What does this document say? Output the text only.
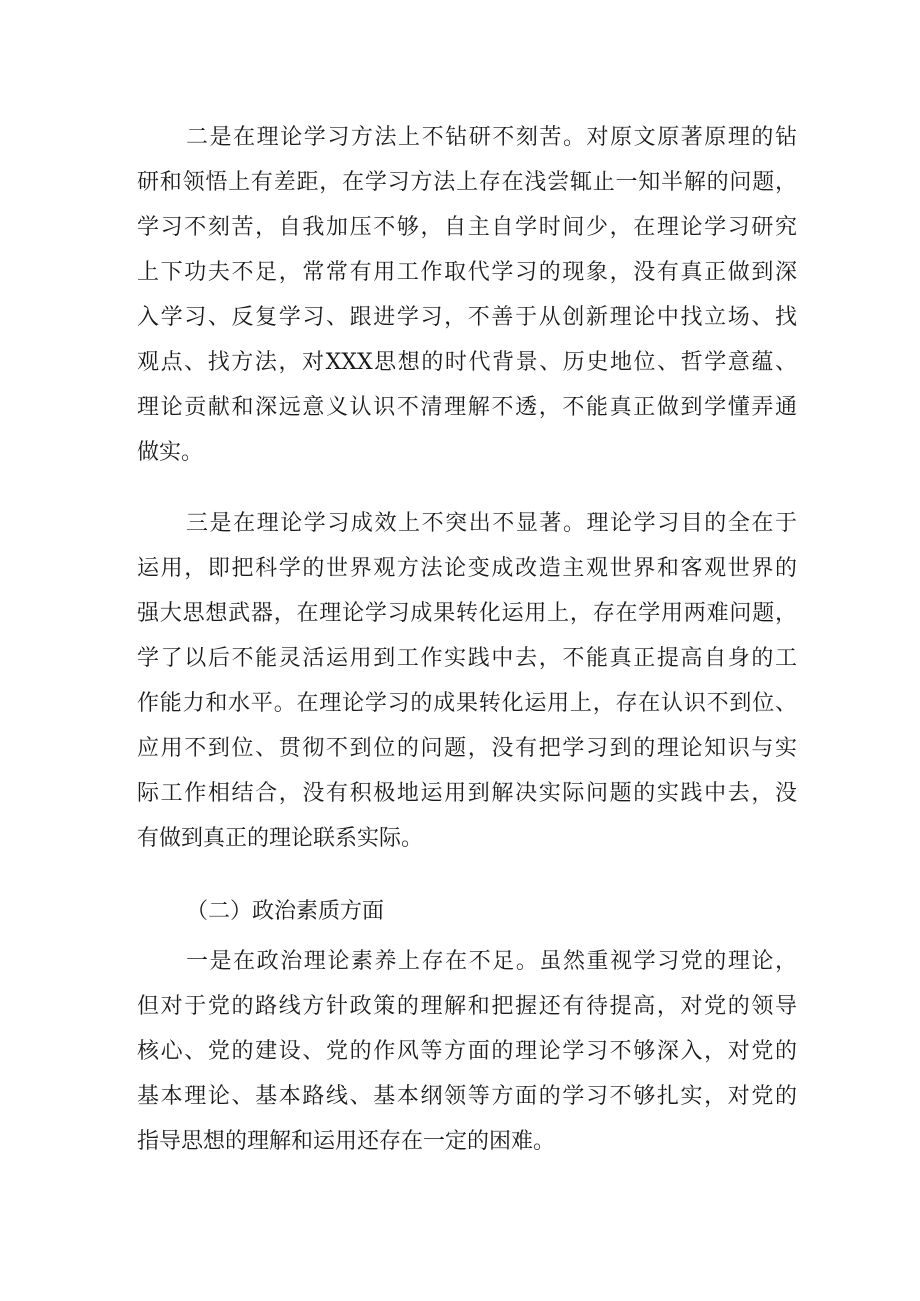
二是在理论学习方法上不钻研不刻苦。对原文原著原理的钻
研和领悟上有差距，在学习方法上存在浅尝辄止一知半解的问题，
学习不刻苦，自我加压不够，自主自学时间少，在理论学习研究
上下功夫不足，常常有用工作取代学习的现象，没有真正做到深
入学习、反复学习、跟进学习，不善于从创新理论中找立场、找
观点、找方法，对XXX思想的时代背景、历史地位、哲学意蕴、
理论贡献和深远意义认识不清理解不透，不能真正做到学懂弄通
做实。
三是在理论学习成效上不突出不显著。理论学习目的全在于
运用，即把科学的世界观方法论变成改造主观世界和客观世界的
强大思想武器，在理论学习成果转化运用上，存在学用两难问题，
学了以后不能灵活运用到工作实践中去，不能真正提高自身的工
作能力和水平。在理论学习的成果转化运用上，存在认识不到位、
应用不到位、贯彻不到位的问题，没有把学习到的理论知识与实
际工作相结合，没有积极地运用到解决实际问题的实践中去，没
有做到真正的理论联系实际。
（二）政治素质方面
一是在政治理论素养上存在不足。虽然重视学习党的理论，
但对于党的路线方针政策的理解和把握还有待提高，对党的领导
核心、党的建设、党的作风等方面的理论学习不够深入，对党的
基本理论、基本路线、基本纲领等方面的学习不够扎实，对党的
指导思想的理解和运用还存在一定的困难。
